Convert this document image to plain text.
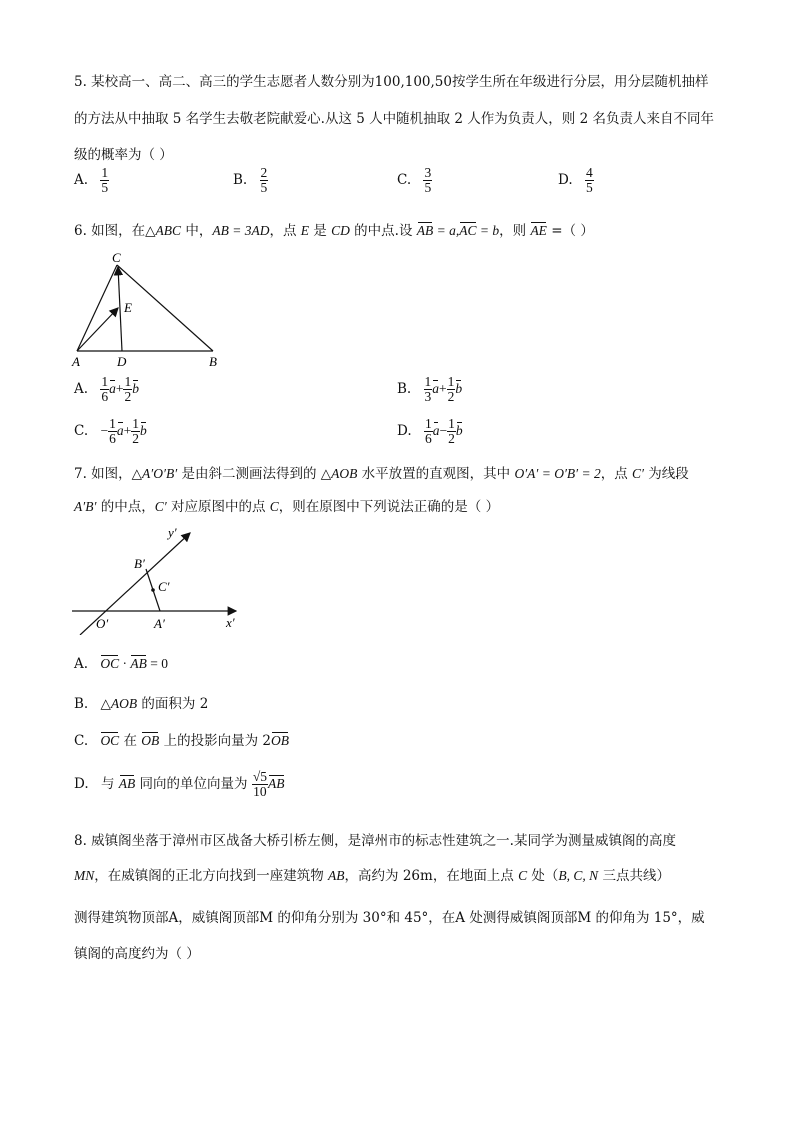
5. 某校高一、高二、高三的学生志愿者人数分别为100,100,50按学生所在年级进行分层，用分层随机抽样
的方法从中抽取 5 名学生去敬老院献爱心.从这 5 人中随机抽取 2 人作为负责人，则 2 名负责人来自不同年
级的概率为（ ）
A. $\frac{1}{5}$	B. $\frac{2}{5}$	C. $\frac{3}{5}$	D. $\frac{4}{5}$
6. 如图，在△ABC 中，AB = 3AD，点 E 是 CD 的中点.设 AB = a,AC = b，则 AE =（ ）
C
E
A	D	B
A. $\frac{1}{6} a+ \frac{1}{2}$ b	B. $\frac{1}{3} a+ \frac{1}{2}$ b
C. − $\frac{1}{6} a+ \frac{1}{2}$ b	D. $\frac{1}{6} a- \frac{1}{2}$ b
7. 如图，△A′O′B′ 是由斜二测画法得到的 △AOB 水平放置的直观图，其中 O′A′ = O′B′ = 2，点 C′ 为线段
A′B′ 的中点，C′ 对应原图中的点 C，则在原图中下列说法正确的是（ ）
y′
B′
C′
O′	A′	x′
A. OC · AB = 0
B. △AOB 的面积为 2
C. OC 在 OB 上的投影向量为 2OB
D. 与 AB 同向的单位向量为 $\frac{√5}{10}$ AB
8. 威镇阁坐落于漳州市区战备大桥引桥左侧，是漳州市的标志性建筑之一.某同学为测量威镇阁的高度
MN，在威镇阁的正北方向找到一座建筑物 AB，高约为 26m，在地面上点 C 处（B, C, N 三点共线）
测得建筑物顶部A，威镇阁顶部M 的仰角分别为 30°和 45°，在A 处测得威镇阁顶部M 的仰角为 15°，威
镇阁的高度约为（ ）
